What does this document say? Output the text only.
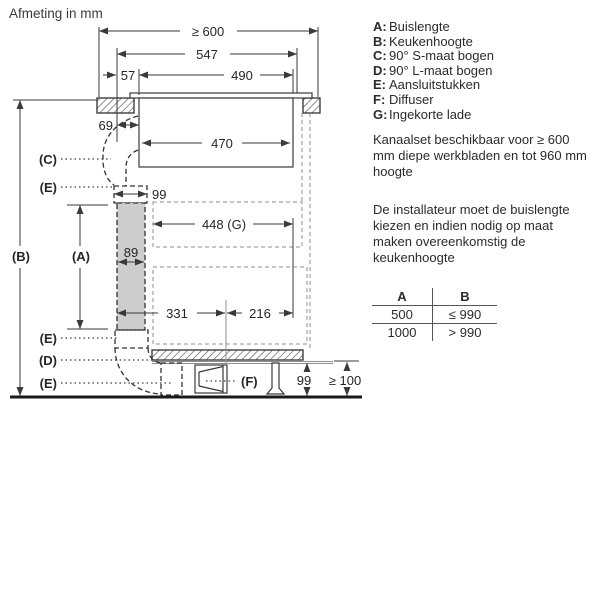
Afmeting in mm
≥ 600
547
57	490
69
470
99
448 (G)
89
331	216
99 ≥ 100
(A)
(B)
(C)
(E)
(E)
(D)
(E)	(F)
A: Buislengte
B: Keukenhoogte
C: 90° S-maat bogen
D: 90° L-maat bogen
E: Aansluitstukken
F: Diffuser
G: Ingekorte lade
Kanaalset beschikbaar voor ≥ 600 mm diepe werkbladen en tot 960 mm hoogte
De installateur moet de buislengte kiezen en indien nodig op maat maken overeenkomstig de keukenhoogte
A	B
500	≤ 990
1000	> 990
